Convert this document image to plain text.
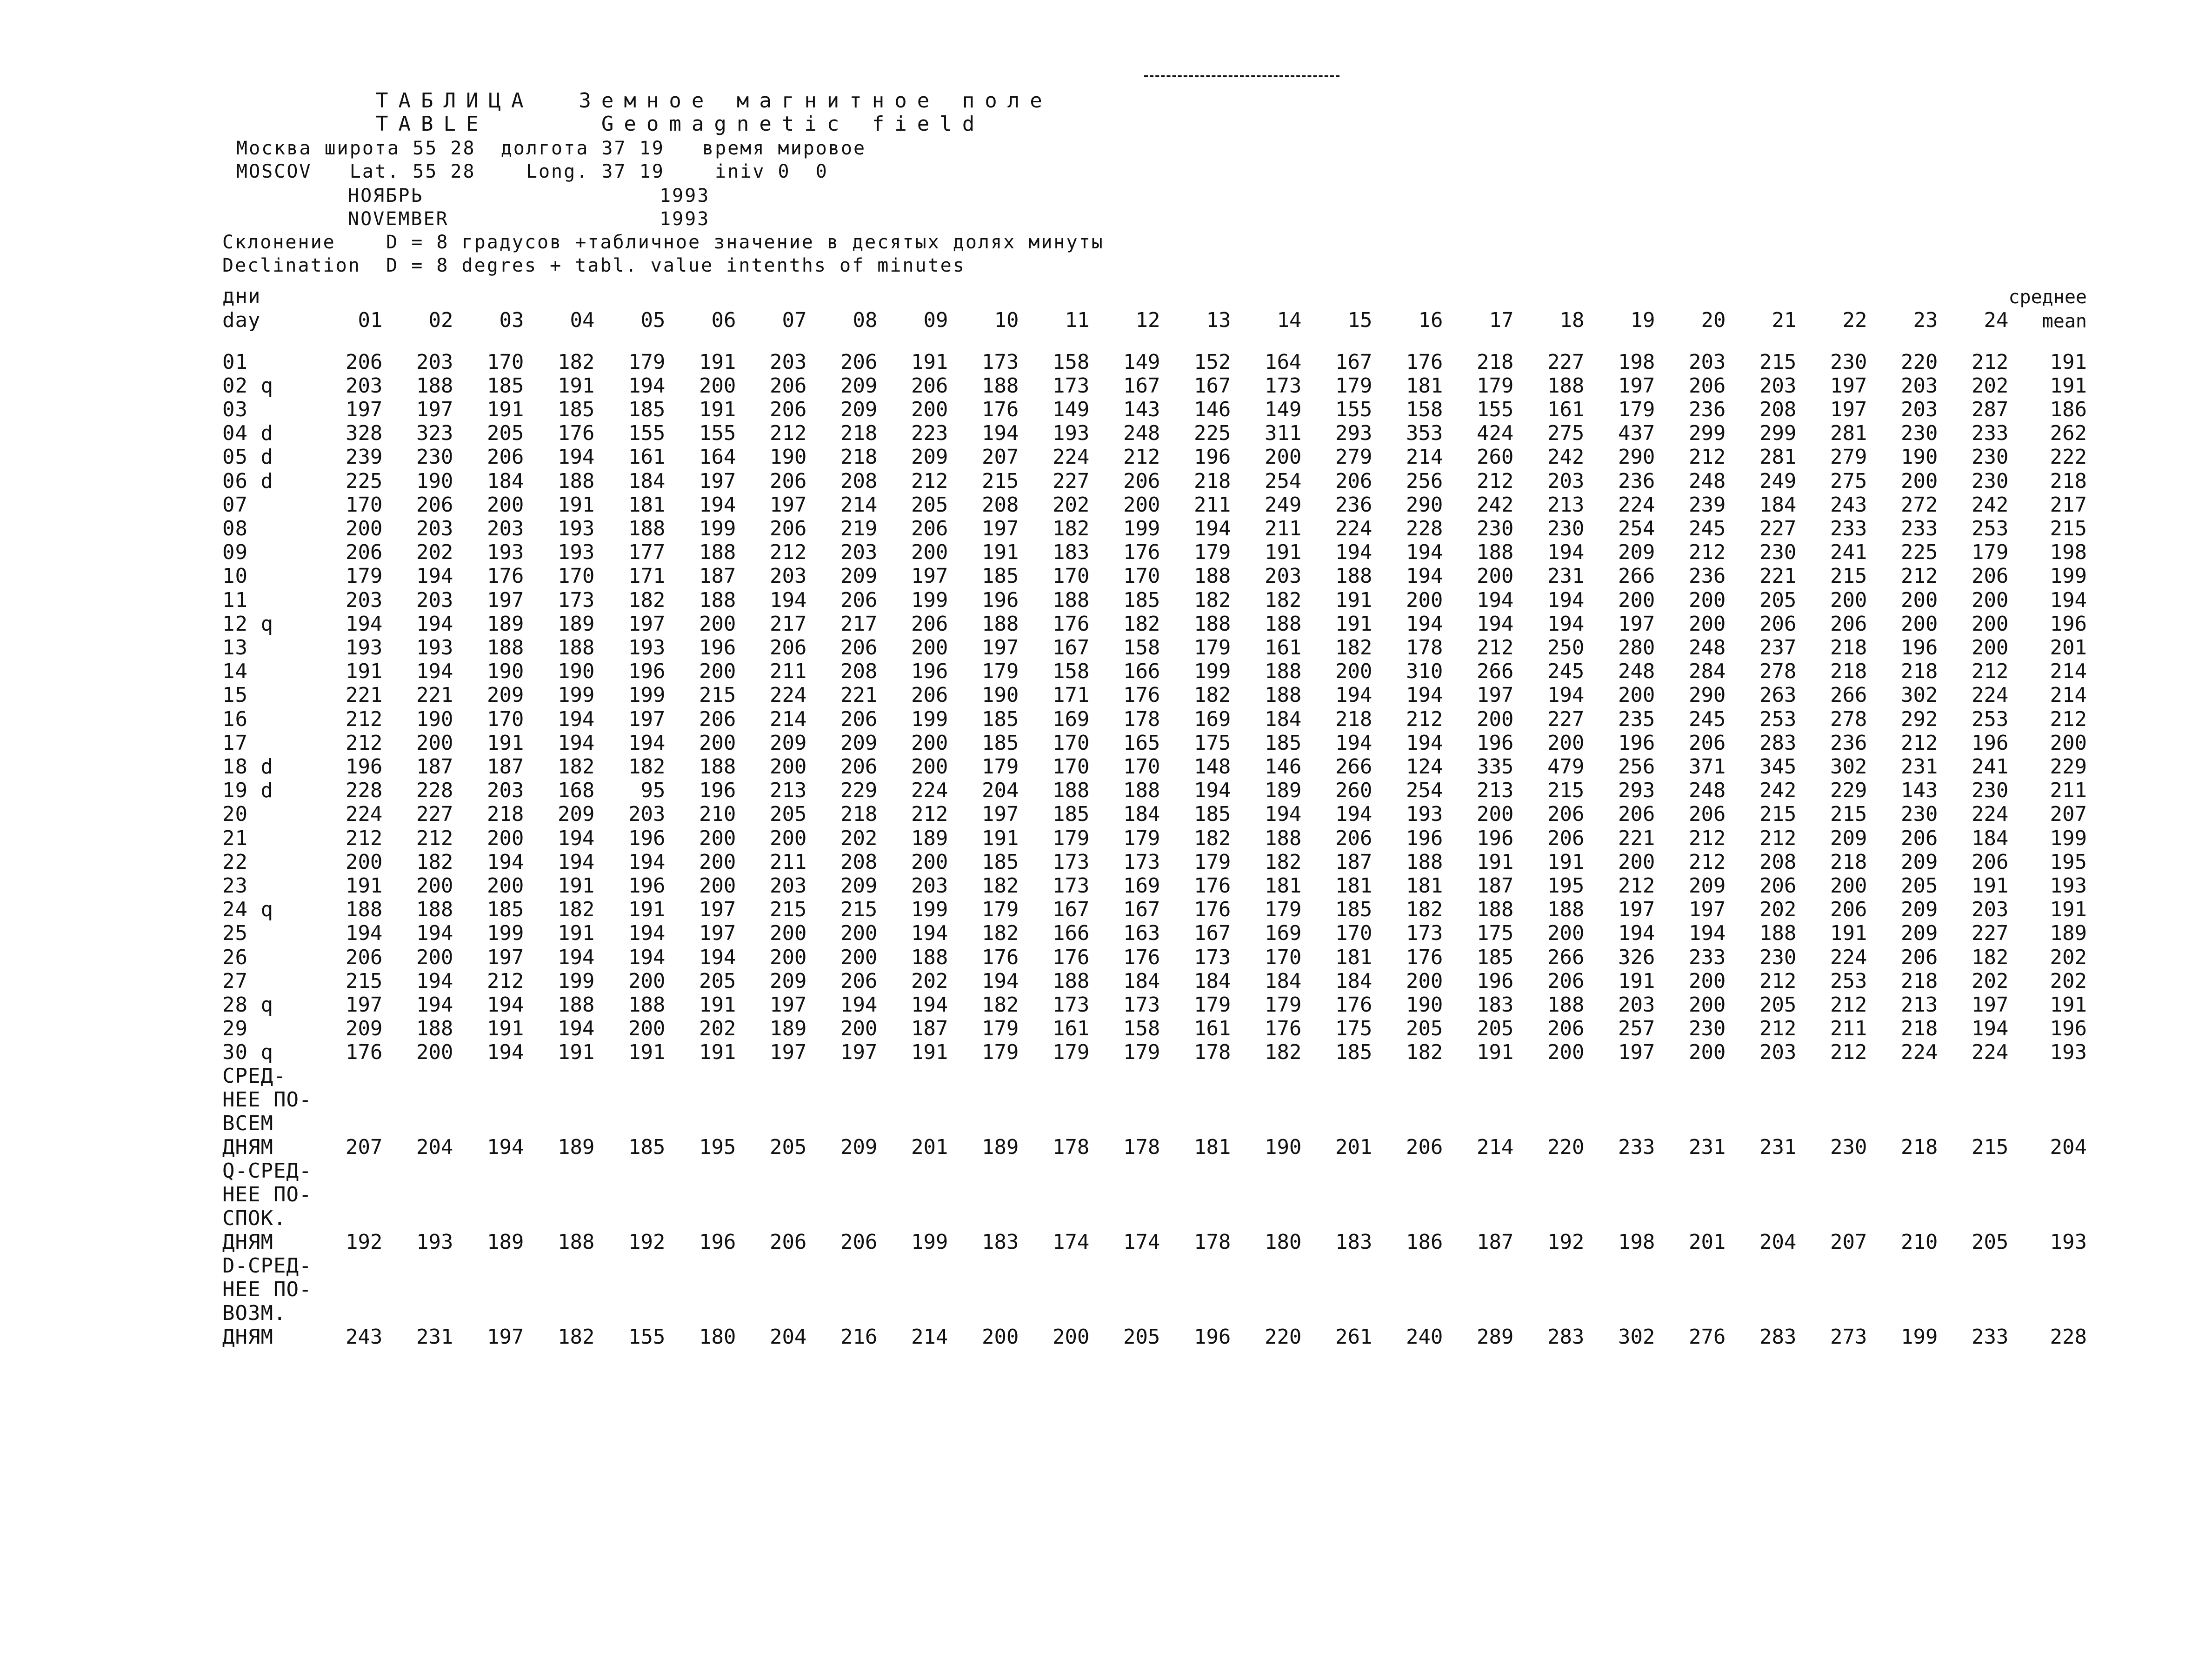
ТАБЛИЦА  Земное магнитное поле
TABLE     Geomagnetic field
Москва широта 55 28  долгота 37 19   время мировое
MOSCOV   Lat. 55 28    Long. 37 19    iniv 0  0
НОЯБРЬ	1993
NOVEMBER	1993
Склонение    D = 8 градусов +табличное значение в десятых долях минуты
Declination  D = 8 degres + tabl. value intenths of minutes
дни																									среднее
day	01	02	03	04	05	06	07	08	09	10	11	12	13	14	15	16	17	18	19	20	21	22	23	24	mean
01	206	203	170	182	179	191	203	206	191	173	158	149	152	164	167	176	218	227	198	203	215	230	220	212	191
02 q	203	188	185	191	194	200	206	209	206	188	173	167	167	173	179	181	179	188	197	206	203	197	203	202	191
03	197	197	191	185	185	191	206	209	200	176	149	143	146	149	155	158	155	161	179	236	208	197	203	287	186
04 d	328	323	205	176	155	155	212	218	223	194	193	248	225	311	293	353	424	275	437	299	299	281	230	233	262
05 d	239	230	206	194	161	164	190	218	209	207	224	212	196	200	279	214	260	242	290	212	281	279	190	230	222
06 d	225	190	184	188	184	197	206	208	212	215	227	206	218	254	206	256	212	203	236	248	249	275	200	230	218
07	170	206	200	191	181	194	197	214	205	208	202	200	211	249	236	290	242	213	224	239	184	243	272	242	217
08	200	203	203	193	188	199	206	219	206	197	182	199	194	211	224	228	230	230	254	245	227	233	233	253	215
09	206	202	193	193	177	188	212	203	200	191	183	176	179	191	194	194	188	194	209	212	230	241	225	179	198
10	179	194	176	170	171	187	203	209	197	185	170	170	188	203	188	194	200	231	266	236	221	215	212	206	199
11	203	203	197	173	182	188	194	206	199	196	188	185	182	182	191	200	194	194	200	200	205	200	200	200	194
12 q	194	194	189	189	197	200	217	217	206	188	176	182	188	188	191	194	194	194	197	200	206	206	200	200	196
13	193	193	188	188	193	196	206	206	200	197	167	158	179	161	182	178	212	250	280	248	237	218	196	200	201
14	191	194	190	190	196	200	211	208	196	179	158	166	199	188	200	310	266	245	248	284	278	218	218	212	214
15	221	221	209	199	199	215	224	221	206	190	171	176	182	188	194	194	197	194	200	290	263	266	302	224	214
16	212	190	170	194	197	206	214	206	199	185	169	178	169	184	218	212	200	227	235	245	253	278	292	253	212
17	212	200	191	194	194	200	209	209	200	185	170	165	175	185	194	194	196	200	196	206	283	236	212	196	200
18 d	196	187	187	182	182	188	200	206	200	179	170	170	148	146	266	124	335	479	256	371	345	302	231	241	229
19 d	228	228	203	168	95	196	213	229	224	204	188	188	194	189	260	254	213	215	293	248	242	229	143	230	211
20	224	227	218	209	203	210	205	218	212	197	185	184	185	194	194	193	200	206	206	206	215	215	230	224	207
21	212	212	200	194	196	200	200	202	189	191	179	179	182	188	206	196	196	206	221	212	212	209	206	184	199
22	200	182	194	194	194	200	211	208	200	185	173	173	179	182	187	188	191	191	200	212	208	218	209	206	195
23	191	200	200	191	196	200	203	209	203	182	173	169	176	181	181	181	187	195	212	209	206	200	205	191	193
24 q	188	188	185	182	191	197	215	215	199	179	167	167	176	179	185	182	188	188	197	197	202	206	209	203	191
25	194	194	199	191	194	197	200	200	194	182	166	163	167	169	170	173	175	200	194	194	188	191	209	227	189
26	206	200	197	194	194	194	200	200	188	176	176	176	173	170	181	176	185	266	326	233	230	224	206	182	202
27	215	194	212	199	200	205	209	206	202	194	188	184	184	184	184	200	196	206	191	200	212	253	218	202	202
28 q	197	194	194	188	188	191	197	194	194	182	173	173	179	179	176	190	183	188	203	200	205	212	213	197	191
29	209	188	191	194	200	202	189	200	187	179	161	158	161	176	175	205	205	206	257	230	212	211	218	194	196
30 q	176	200	194	191	191	191	197	197	191	179	179	179	178	182	185	182	191	200	197	200	203	212	224	224	193
СРЕД-																									
НЕЕ ПО-																									
ВСЕМ																									
ДНЯМ	207	204	194	189	185	195	205	209	201	189	178	178	181	190	201	206	214	220	233	231	231	230	218	215	204
Q-СРЕД-																									
НЕЕ ПО-																									
СПОК.																									
ДНЯМ	192	193	189	188	192	196	206	206	199	183	174	174	178	180	183	186	187	192	198	201	204	207	210	205	193
D-СРЕД-																									
НЕЕ ПО-																									
ВОЗМ.																									
ДНЯМ	243	231	197	182	155	180	204	216	214	200	200	205	196	220	261	240	289	283	302	276	283	273	199	233	228
